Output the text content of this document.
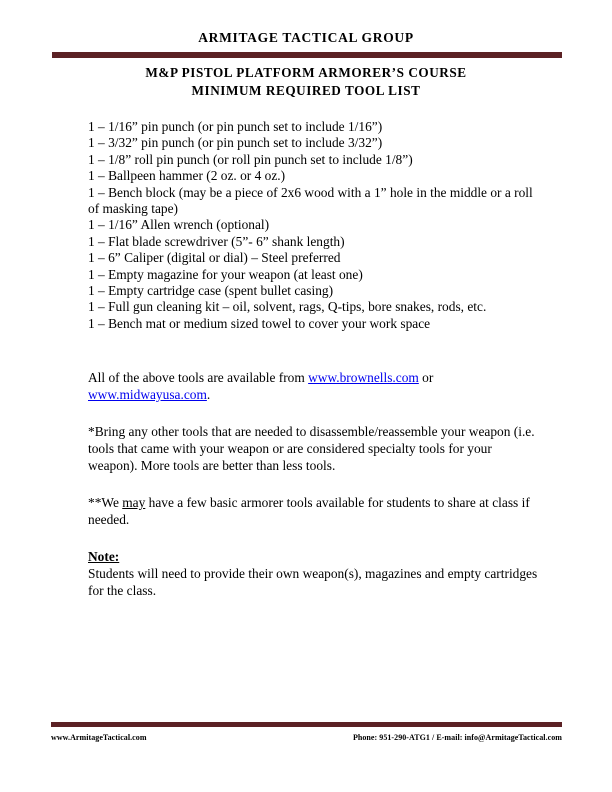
ARMITAGE TACTICAL GROUP
M&P PISTOL PLATFORM ARMORER’S COURSE
MINIMUM REQUIRED TOOL LIST
1 – 1/16” pin punch (or pin punch set to include 1/16”)
1 – 3/32” pin punch (or pin punch set to include 3/32”)
1 – 1/8” roll pin punch (or roll pin punch set to include 1/8”)
1 – Ballpeen hammer (2 oz. or 4 oz.)
1 – Bench block (may be a piece of 2x6 wood with a 1” hole in the middle or a roll of masking tape)
1 – 1/16” Allen wrench (optional)
1 – Flat blade screwdriver (5”- 6” shank length)
1 – 6” Caliper (digital or dial) – Steel preferred
1 – Empty magazine for your weapon (at least one)
1 – Empty cartridge case (spent bullet casing)
1 – Full gun cleaning kit – oil, solvent, rags, Q-tips, bore snakes, rods, etc.
1 – Bench mat or medium sized towel to cover your work space

All of the above tools are available from www.brownells.com or www.midwayusa.com.

*Bring any other tools that are needed to disassemble/reassemble your weapon (i.e. tools that came with your weapon or are considered specialty tools for your weapon). More tools are better than less tools.

**We may have a few basic armorer tools available for students to share at class if needed.

Note:

Students will need to provide their own weapon(s), magazines and empty cartridges for the class.

www.ArmitageTactical.com	Phone: 951-290-ATG1 / E-mail: info@ArmitageTactical.com
